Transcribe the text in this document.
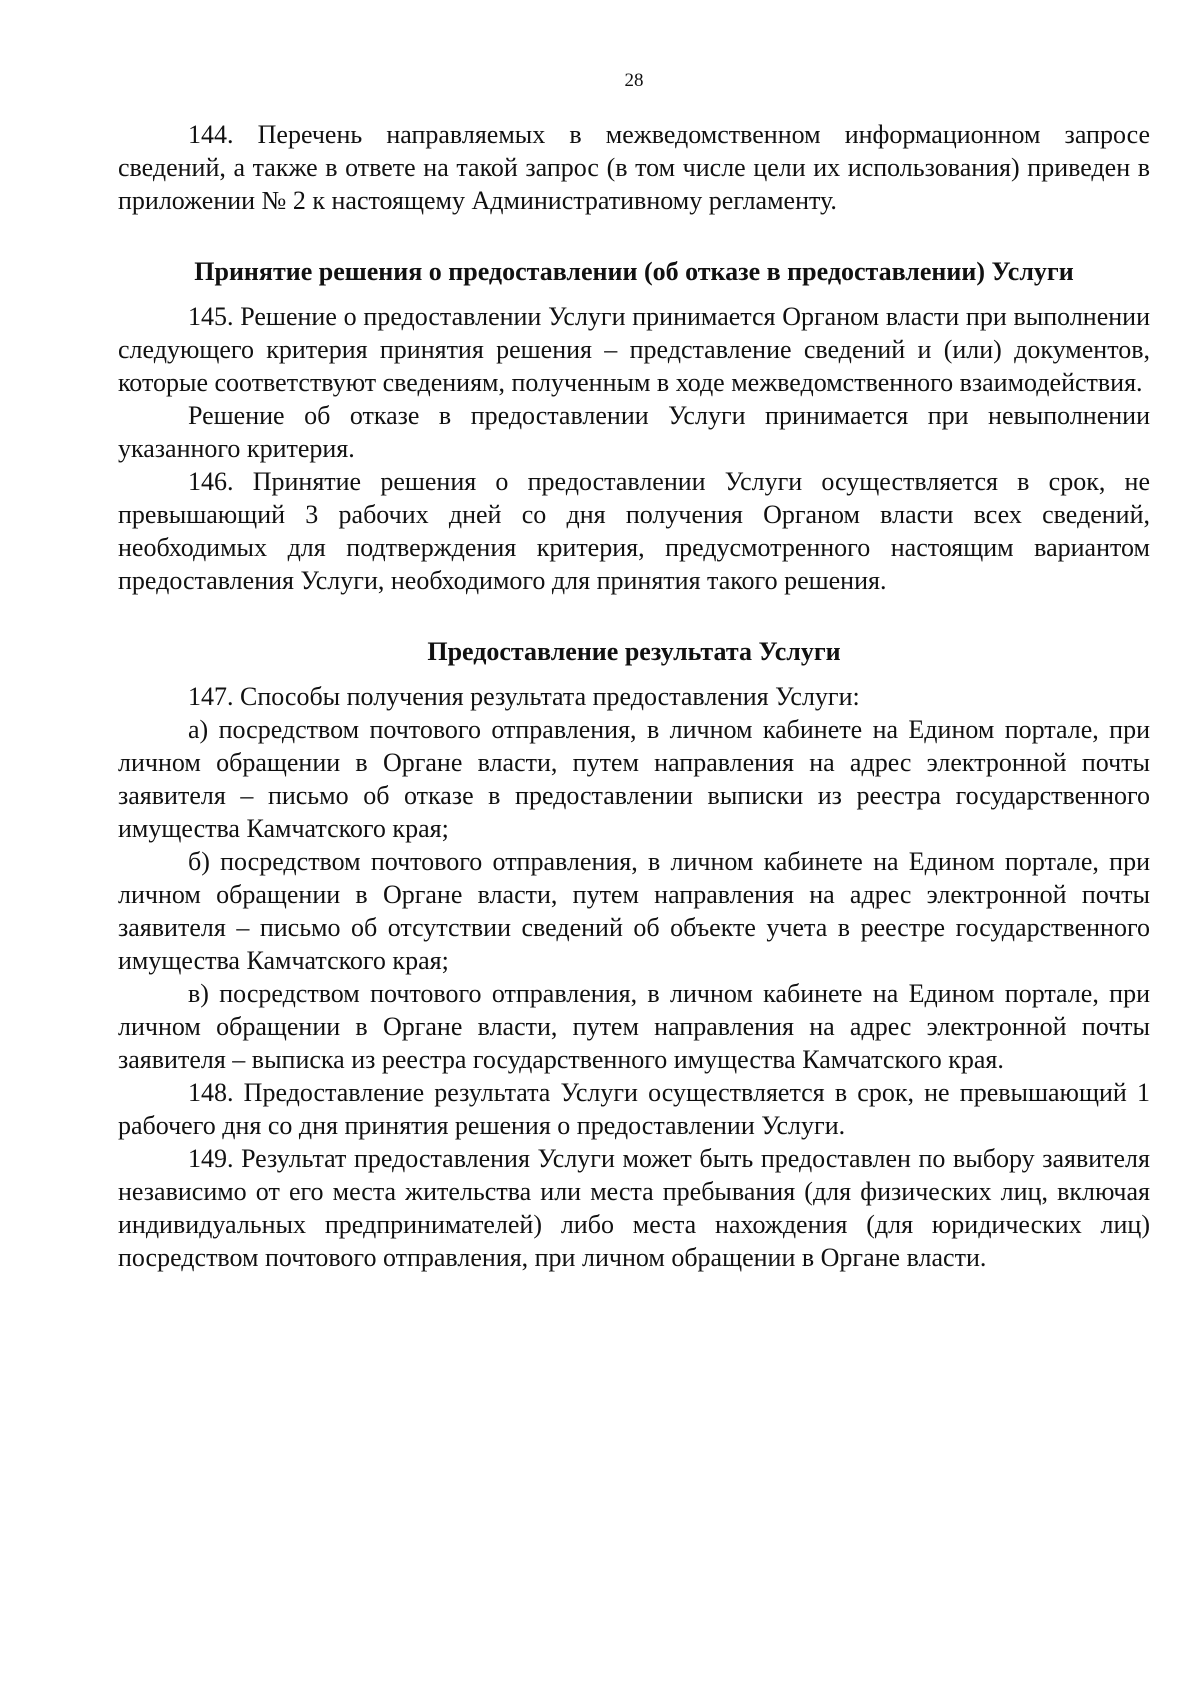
28

144. Перечень направляемых в межведомственном информационном запросе сведений, а также в ответе на такой запрос (в том числе цели их использования) приведен в приложении № 2 к настоящему Административному регламенту.

Принятие решения о предоставлении (об отказе в предоставлении) Услуги

145. Решение о предоставлении Услуги принимается Органом власти при выполнении следующего критерия принятия решения – представление сведений и (или) документов, которые соответствуют сведениям, полученным в ходе межведомственного взаимодействия.

Решение об отказе в предоставлении Услуги принимается при невыполнении указанного критерия.

146. Принятие решения о предоставлении Услуги осуществляется в срок, не превышающий 3 рабочих дней со дня получения Органом власти всех сведений, необходимых для подтверждения критерия, предусмотренного настоящим вариантом предоставления Услуги, необходимого для принятия такого решения.

Предоставление результата Услуги

147. Способы получения результата предоставления Услуги:

а) посредством почтового отправления, в личном кабинете на Едином портале, при личном обращении в Органе власти, путем направления на адрес электронной почты заявителя – письмо об отказе в предоставлении выписки из реестра государственного имущества Камчатского края;

б) посредством почтового отправления, в личном кабинете на Едином портале, при личном обращении в Органе власти, путем направления на адрес электронной почты заявителя – письмо об отсутствии сведений об объекте учета в реестре государственного имущества Камчатского края;

в) посредством почтового отправления, в личном кабинете на Едином портале, при личном обращении в Органе власти, путем направления на адрес электронной почты заявителя – выписка из реестра государственного имущества Камчатского края.

148. Предоставление результата Услуги осуществляется в срок, не превышающий 1 рабочего дня со дня принятия решения о предоставлении Услуги.

149. Результат предоставления Услуги может быть предоставлен по выбору заявителя независимо от его места жительства или места пребывания (для физических лиц, включая индивидуальных предпринимателей) либо места нахождения (для юридических лиц) посредством почтового отправления, при личном обращении в Органе власти.
